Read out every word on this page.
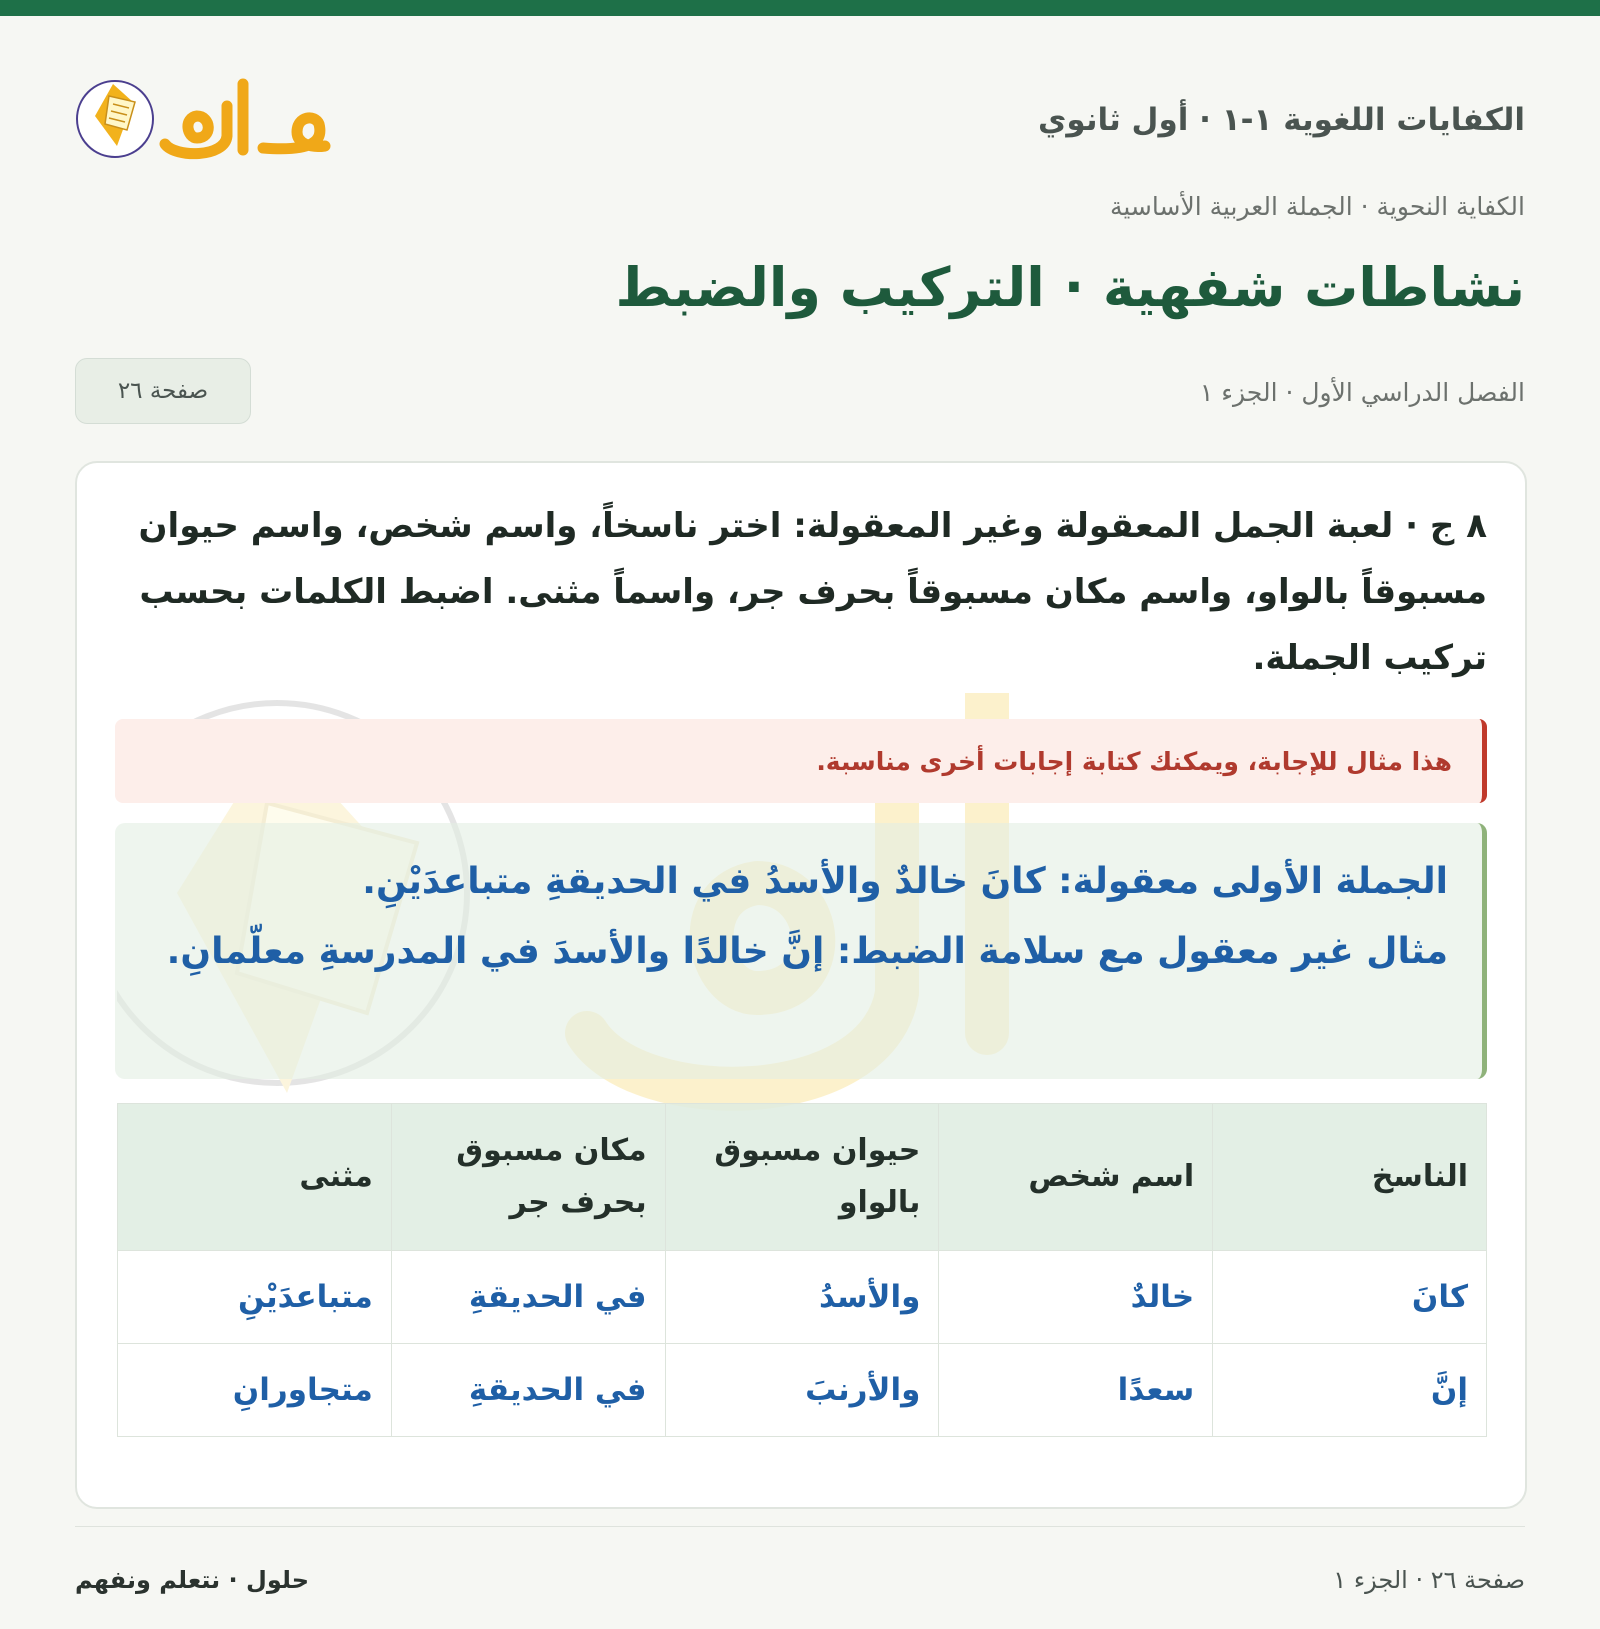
الكفايات اللغوية ١-١ · أول ثانوي
الكفاية النحوية · الجملة العربية الأساسية
نشاطات شفهية · التركيب والضبط
الفصل الدراسي الأول · الجزء ١
صفحة ٢٦
٨ ج · لعبة الجمل المعقولة وغير المعقولة: اختر ناسخاً، واسم شخص، واسم حيوان مسبوقاً بالواو، واسم مكان مسبوقاً بحرف جر، واسماً مثنى. اضبط الكلمات بحسب تركيب الجملة.
هذا مثال للإجابة، ويمكنك كتابة إجابات أخرى مناسبة.

الجملة الأولى معقولة: كانَ خالدٌ والأسدُ في الحديقةِ متباعدَيْنِ.

مثال غير معقول مع سلامة الضبط: إنَّ خالدًا والأسدَ في المدرسةِ معلّمانِ.

الناسخ	اسم شخص	حيوان مسبوق بالواو	مكان مسبوق بحرف جر	مثنى
كانَ	خالدٌ	والأسدُ	في الحديقةِ	متباعدَيْنِ
إنَّ	سعدًا	والأرنبَ	في الحديقةِ	متجاورانِ
صفحة ٢٦ · الجزء ١
حلول · نتعلم ونفهم
